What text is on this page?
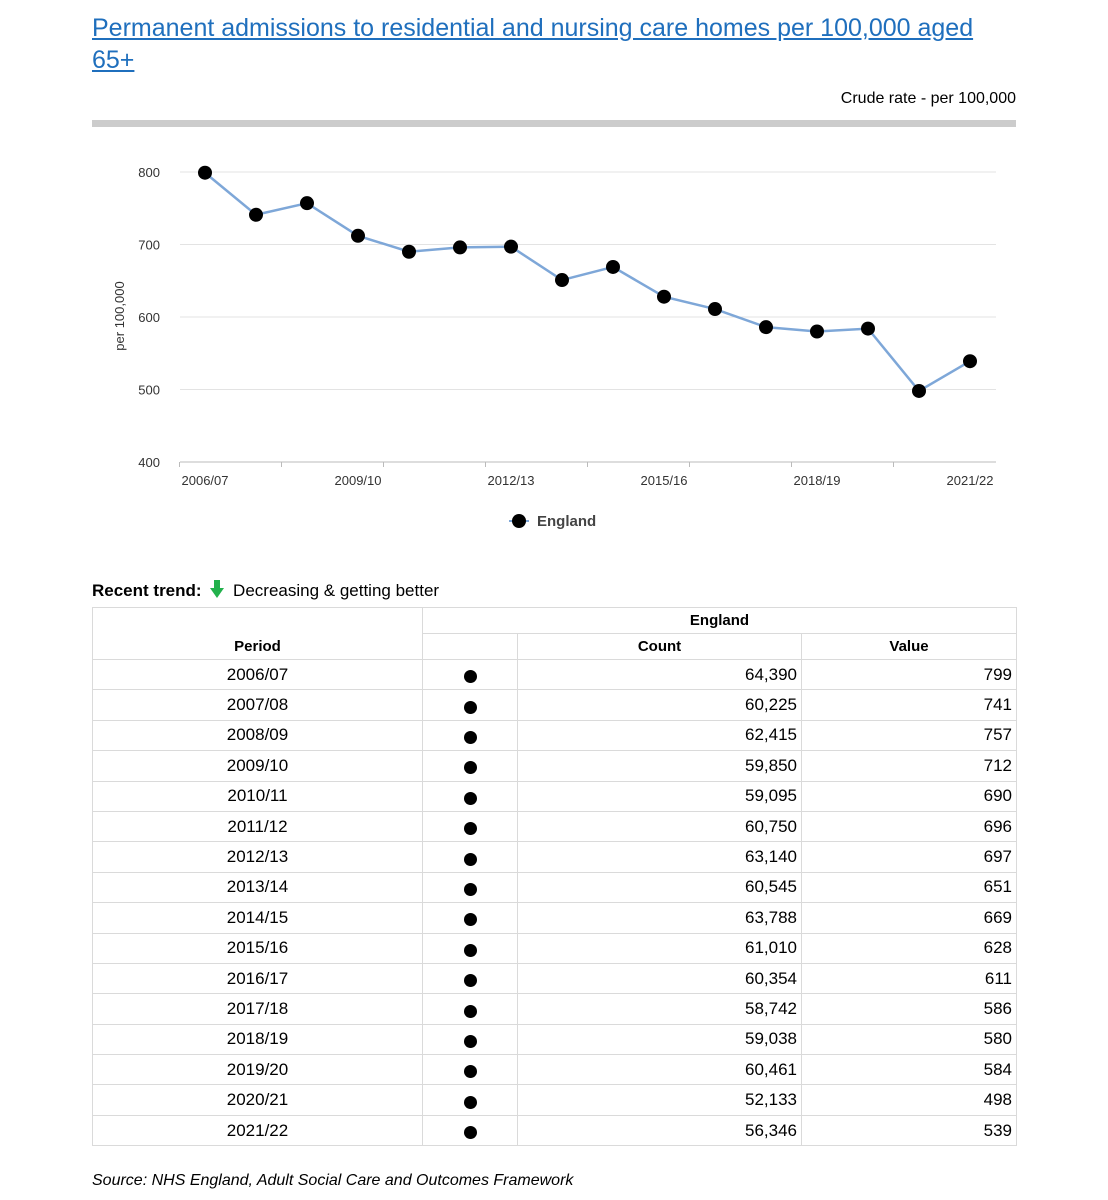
Permanent admissions to residential and nursing care homes per 100,000 aged 65+
Crude rate - per 100,000
400
500
600
700
800
per 100,000
2006/07	2009/10	2012/13	2015/16	2018/19	2021/22
England
Recent trend: Decreasing & getting better
	England		
Period		Count	Value
2006/07		64,390	799
2007/08		60,225	741
2008/09		62,415	757
2009/10		59,850	712
2010/11		59,095	690
2011/12		60,750	696
2012/13		63,140	697
2013/14		60,545	651
2014/15		63,788	669
2015/16		61,010	628
2016/17		60,354	611
2017/18		58,742	586
2018/19		59,038	580
2019/20		60,461	584
2020/21		52,133	498
2021/22		56,346	539
Source: NHS England, Adult Social Care and Outcomes Framework
